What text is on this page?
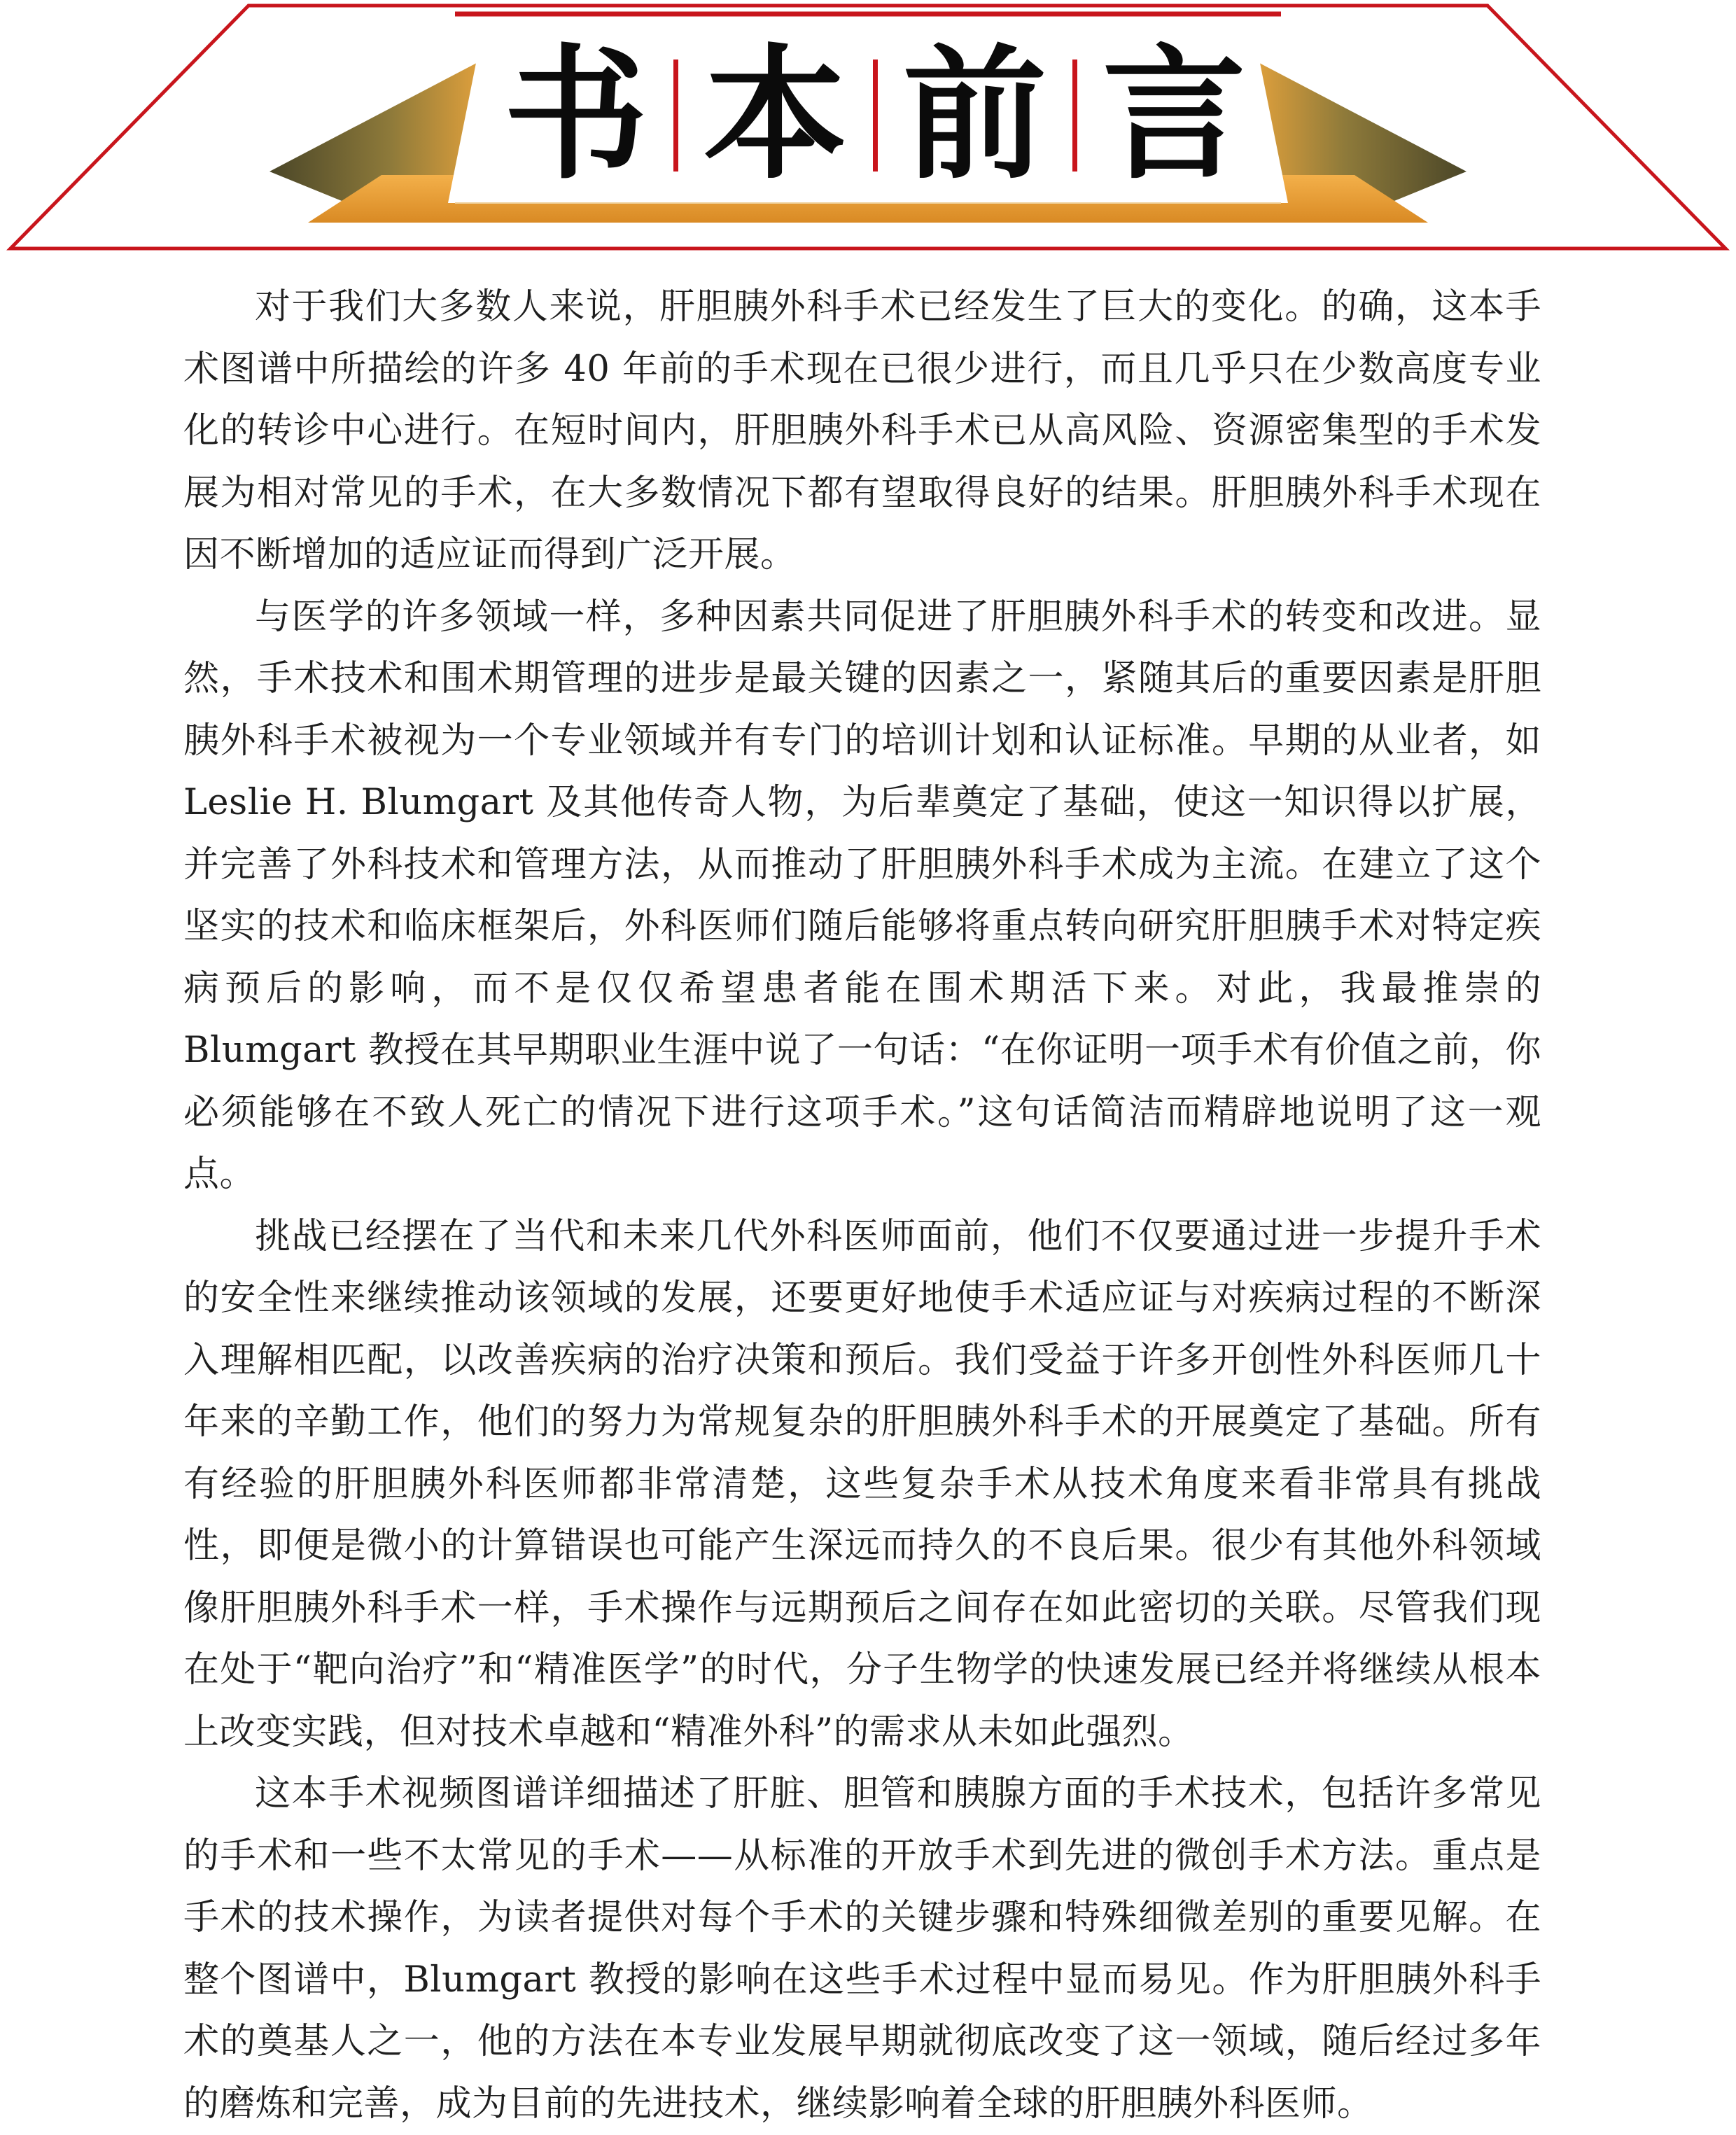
书 本 前 言

对于我们大多数人来说，肝胆胰外科手术已经发生了巨大的变化。的确，这本手术图谱中所描绘的许多 40 年前的手术现在已很少进行，而且几乎只在少数高度专业化的转诊中心进行。在短时间内，肝胆胰外科手术已从高风险、资源密集型的手术发展为相对常见的手术，在大多数情况下都有望取得良好的结果。肝胆胰外科手术现在因不断增加的适应证而得到广泛开展。

与医学的许多领域一样，多种因素共同促进了肝胆胰外科手术的转变和改进。显然，手术技术和围术期管理的进步是最关键的因素之一，紧随其后的重要因素是肝胆胰外科手术被视为一个专业领域并有专门的培训计划和认证标准。早期的从业者，如 Leslie H. Blumgart 及其他传奇人物，为后辈奠定了基础，使这一知识得以扩展，并完善了外科技术和管理方法，从而推动了肝胆胰外科手术成为主流。在建立了这个坚实的技术和临床框架后，外科医师们随后能够将重点转向研究肝胆胰手术对特定疾病预后的影响，而不是仅仅希望患者能在围术期活下来。对此，我最推崇的 Blumgart 教授在其早期职业生涯中说了一句话：“在你证明一项手术有价值之前，你必须能够在不致人死亡的情况下进行这项手术。”这句话简洁而精辟地说明了这一观点。

挑战已经摆在了当代和未来几代外科医师面前，他们不仅要通过进一步提升手术的安全性来继续推动该领域的发展，还要更好地使手术适应证与对疾病过程的不断深入理解相匹配，以改善疾病的治疗决策和预后。我们受益于许多开创性外科医师几十年来的辛勤工作，他们的努力为常规复杂的肝胆胰外科手术的开展奠定了基础。所有有经验的肝胆胰外科医师都非常清楚，这些复杂手术从技术角度来看非常具有挑战性，即便是微小的计算错误也可能产生深远而持久的不良后果。很少有其他外科领域像肝胆胰外科手术一样，手术操作与远期预后之间存在如此密切的关联。尽管我们现在处于“靶向治疗”和“精准医学”的时代，分子生物学的快速发展已经并将继续从根本上改变实践，但对技术卓越和“精准外科”的需求从未如此强烈。

这本手术视频图谱详细描述了肝脏、胆管和胰腺方面的手术技术，包括许多常见的手术和一些不太常见的手术——从标准的开放手术到先进的微创手术方法。重点是手术的技术操作，为读者提供对每个手术的关键步骤和特殊细微差别的重要见解。在整个图谱中，Blumgart 教授的影响在这些手术过程中显而易见。作为肝胆胰外科手术的奠基人之一，他的方法在本专业发展早期就彻底改变了这一领域，随后经过多年的磨炼和完善，成为目前的先进技术，继续影响着全球的肝胆胰外科医师。
